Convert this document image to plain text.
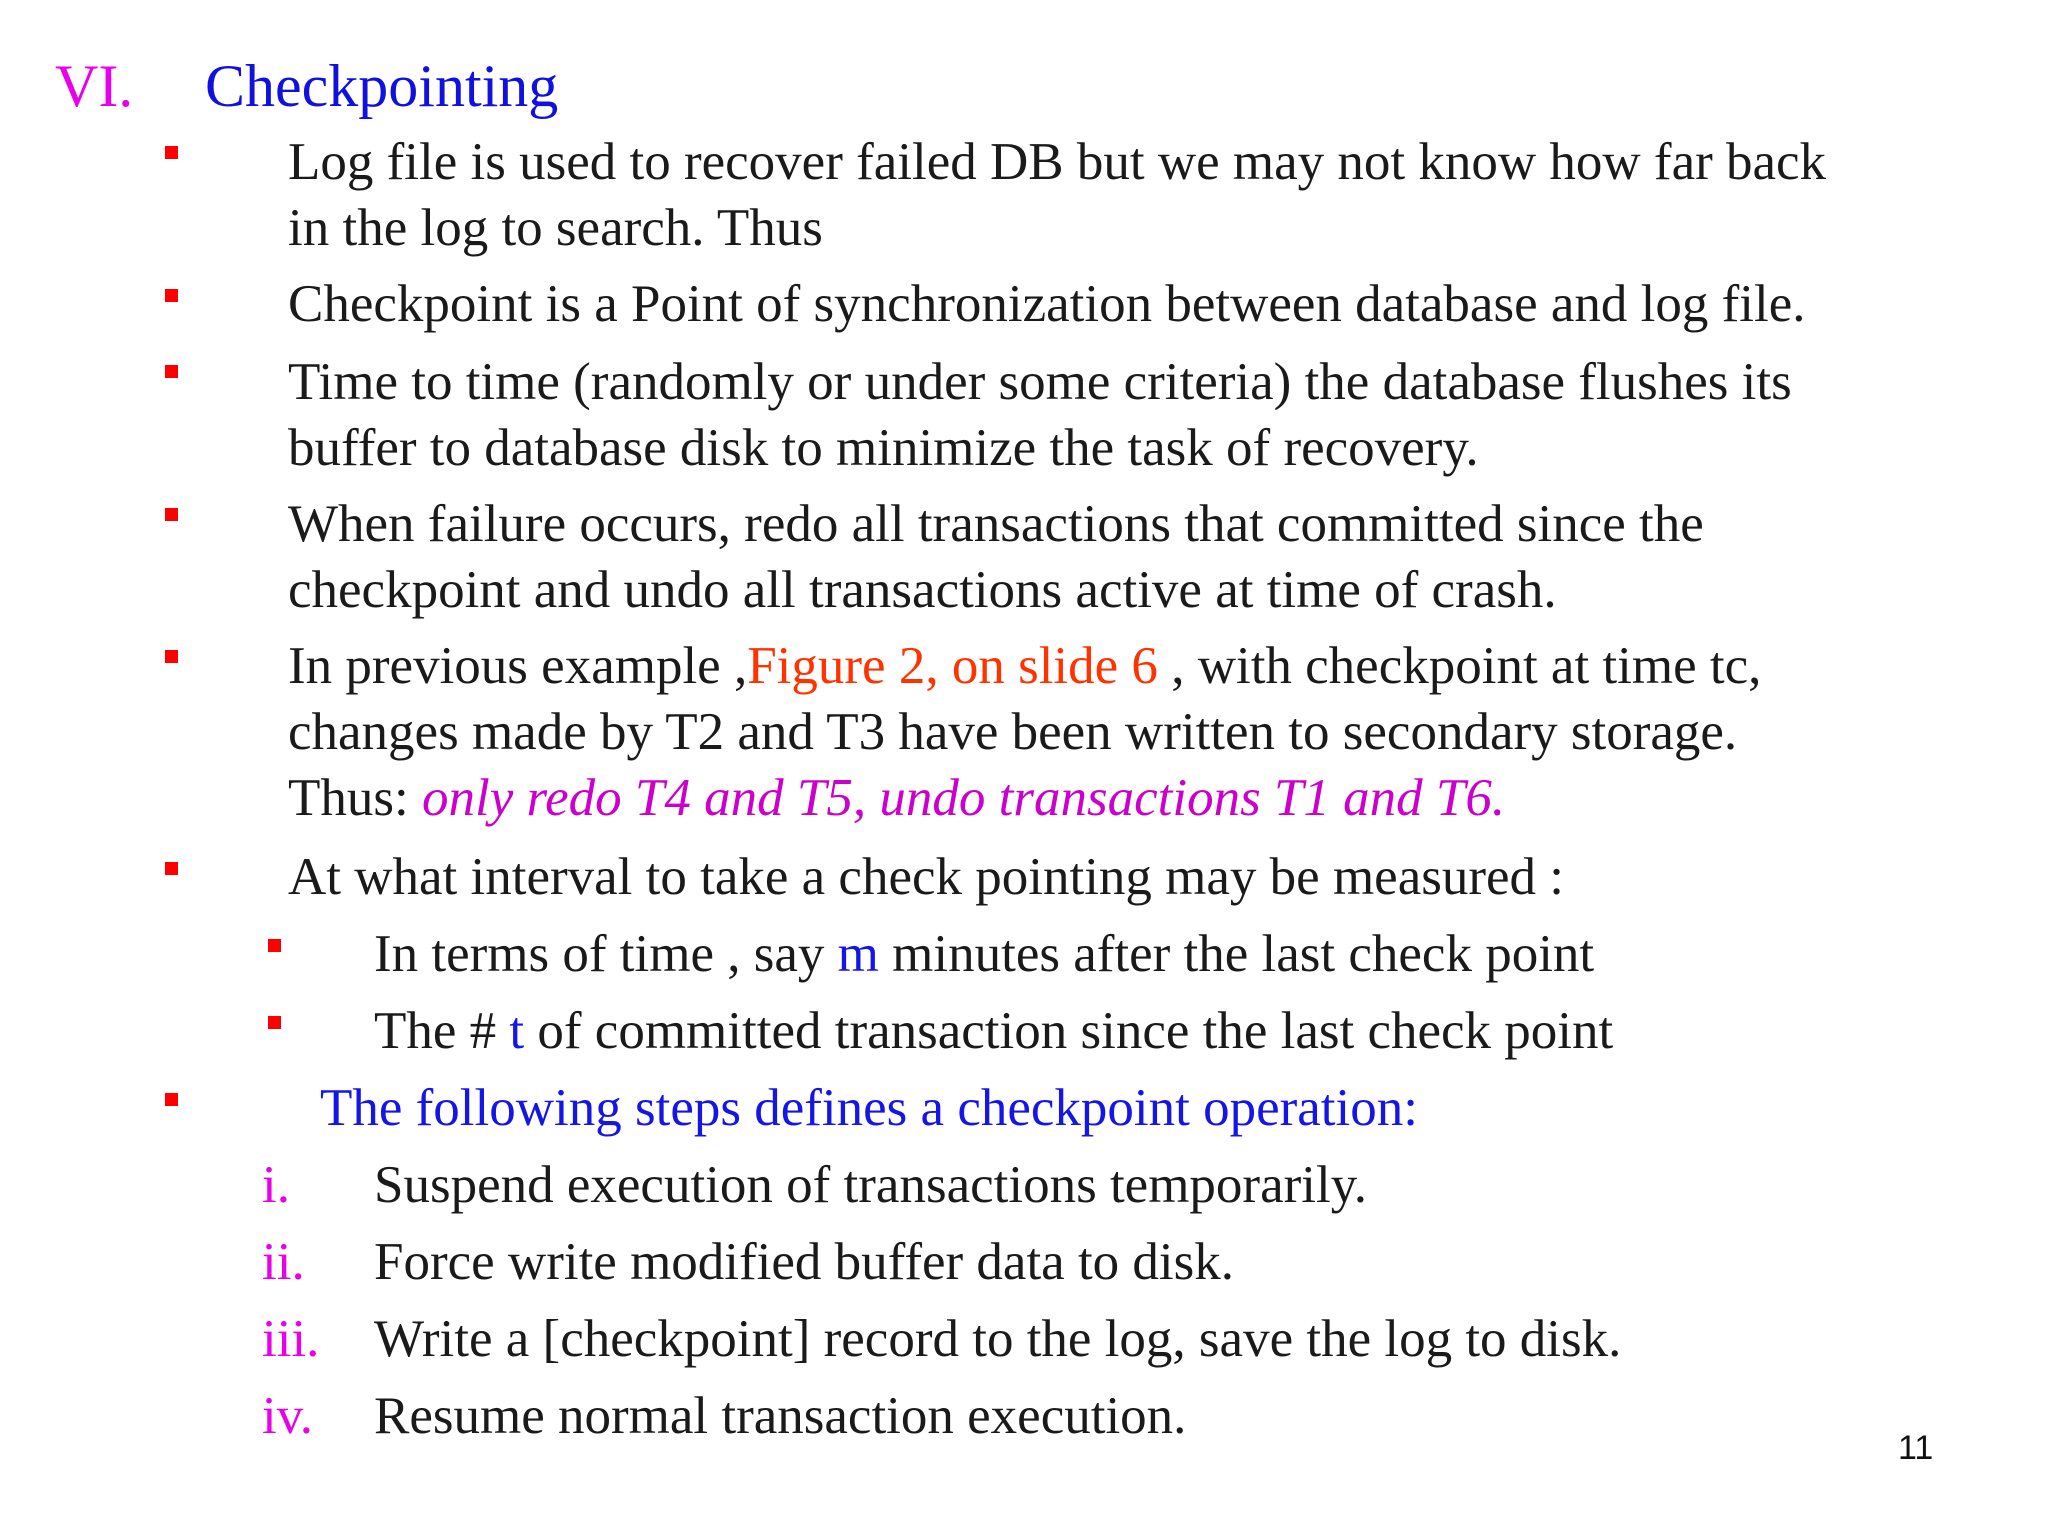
VI. Checkpointing
Log file is used to recover failed DB but we may not know how far back
in the log to search. Thus
Checkpoint is a Point of synchronization between database and log file.
Time to time (randomly or under some criteria) the database flushes its
buffer to database disk to minimize the task of recovery.
When failure occurs, redo all transactions that committed since the
checkpoint and undo all transactions active at time of crash.
In previous example ,Figure 2, on slide 6 , with checkpoint at time tc,
changes made by T2 and T3 have been written to secondary storage.
Thus: only redo T4 and T5, undo transactions T1 and T6.
At what interval to take a check pointing may be measured :
In terms of time , say m minutes after the last check point
The # t of committed transaction since the last check point
The following steps defines a checkpoint operation:
i. Suspend execution of transactions temporarily.
ii. Force write modified buffer data to disk.
iii. Write a [checkpoint] record to the log, save the log to disk.
iv. Resume normal transaction execution.
11
